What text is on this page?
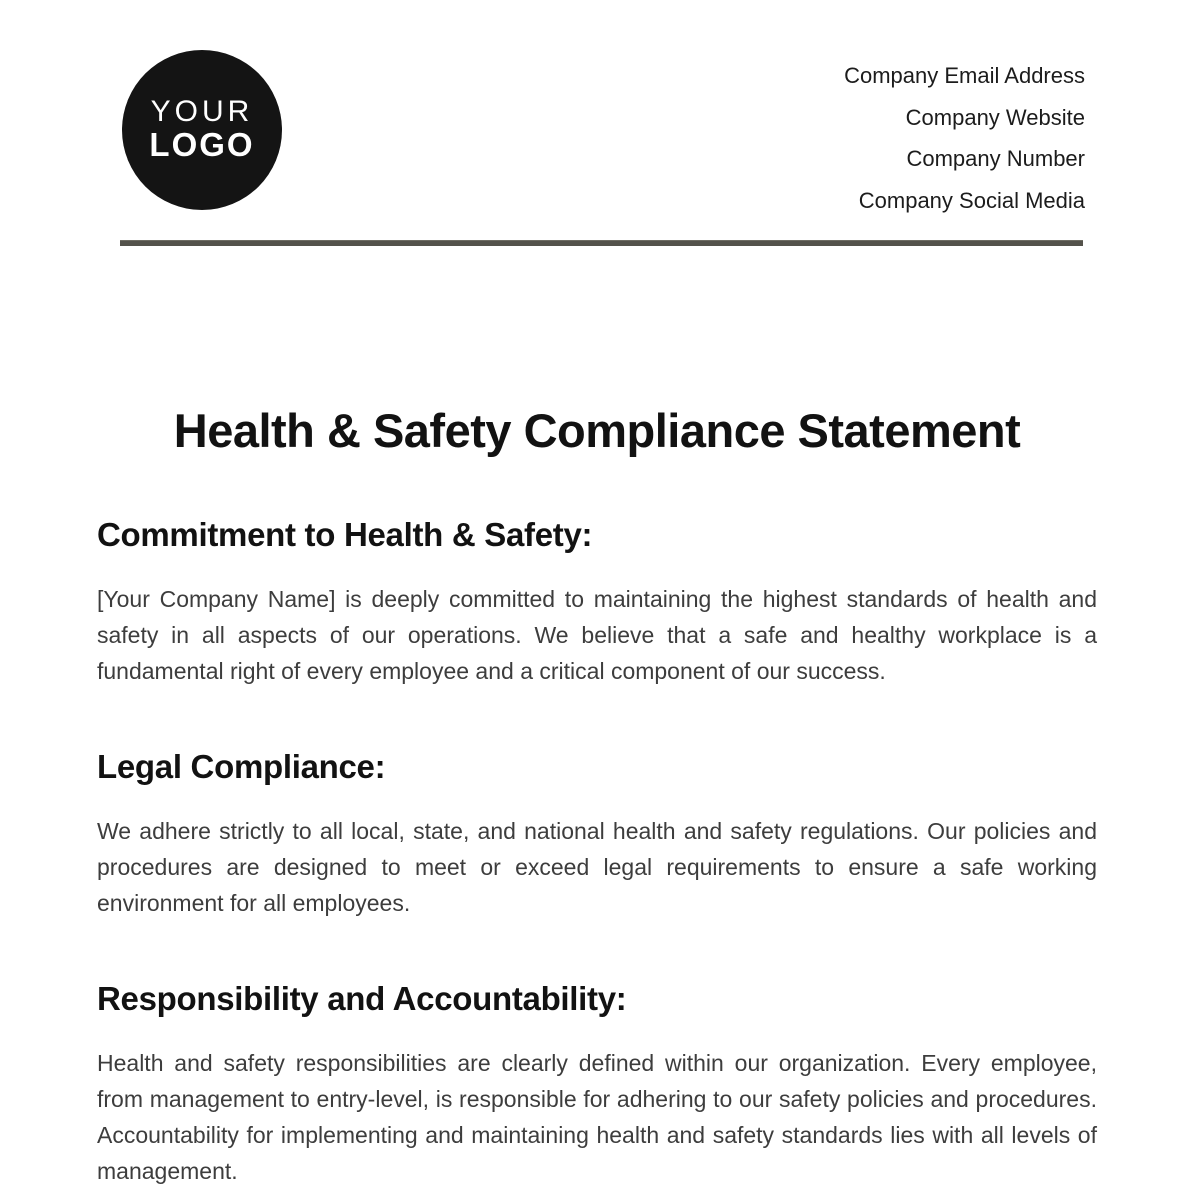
YOUR
LOGO
Company Email Address
Company Website
Company Number
Company Social Media
Health & Safety Compliance Statement
Commitment to Health & Safety:

[Your Company Name] is deeply committed to maintaining the highest standards of health and safety in all aspects of our operations. We believe that a safe and healthy workplace is a fundamental right of every employee and a critical component of our success.

Legal Compliance:

We adhere strictly to all local, state, and national health and safety regulations. Our policies and procedures are designed to meet or exceed legal requirements to ensure a safe working environment for all employees.

Responsibility and Accountability:

Health and safety responsibilities are clearly defined within our organization. Every employee, from management to entry-level, is responsible for adhering to our safety policies and procedures. Accountability for implementing and maintaining health and safety standards lies with all levels of management.
